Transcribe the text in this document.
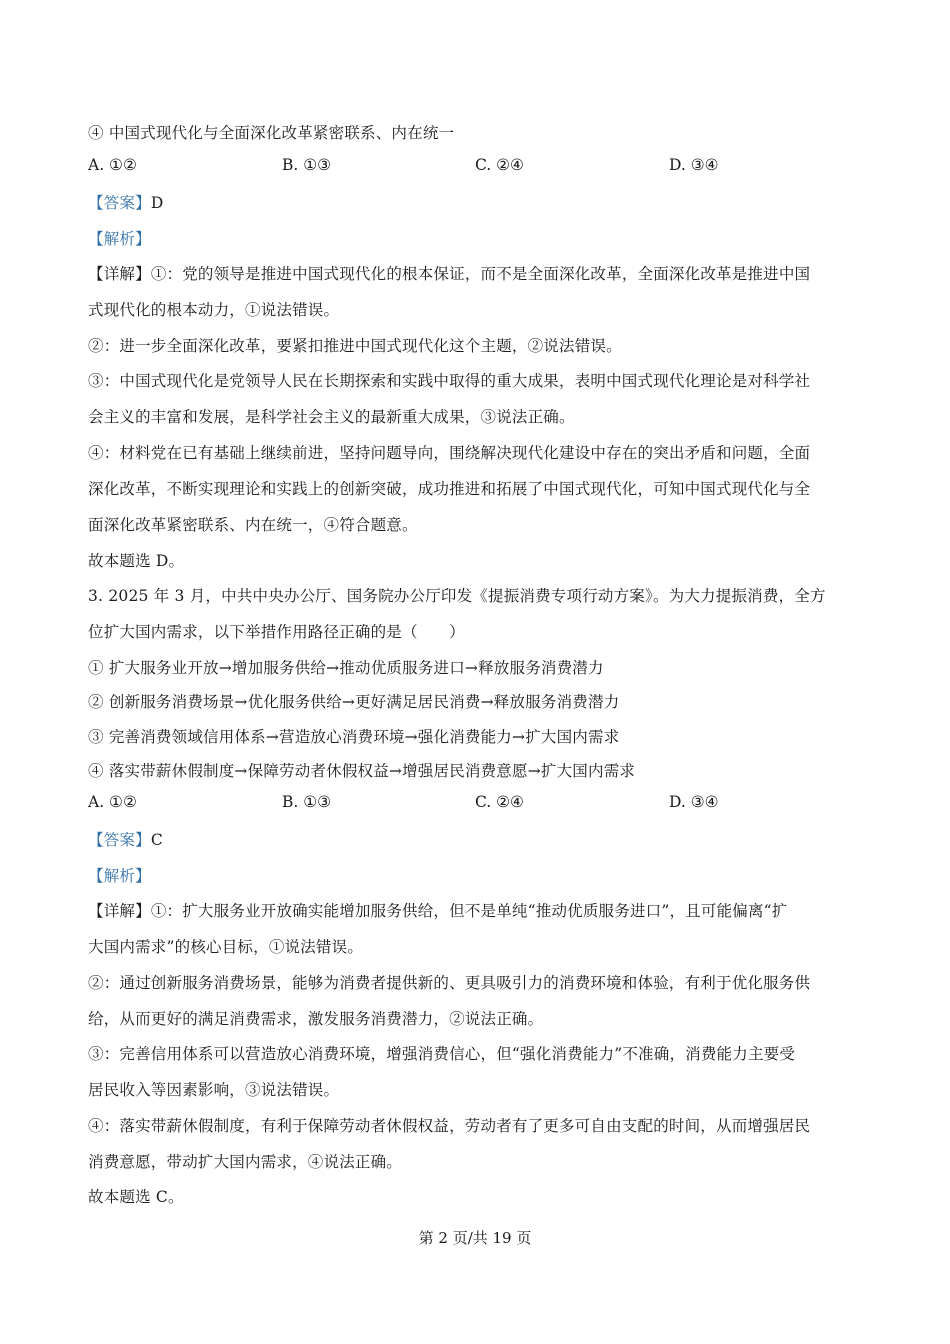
④ 中国式现代化与全面深化改革紧密联系、内在统一
A. ①②	B. ①③	C. ②④	D. ③④
【答案】D
【解析】
【详解】①：党的领导是推进中国式现代化的根本保证，而不是全面深化改革，全面深化改革是推进中国
式现代化的根本动力，①说法错误。
②：进一步全面深化改革，要紧扣推进中国式现代化这个主题，②说法错误。
③：中国式现代化是党领导人民在长期探索和实践中取得的重大成果，表明中国式现代化理论是对科学社
会主义的丰富和发展，是科学社会主义的最新重大成果，③说法正确。
④：材料党在已有基础上继续前进，坚持问题导向，围绕解决现代化建设中存在的突出矛盾和问题，全面
深化改革，不断实现理论和实践上的创新突破，成功推进和拓展了中国式现代化，可知中国式现代化与全
面深化改革紧密联系、内在统一，④符合题意。
故本题选 D。
3. 2025 年 3 月，中共中央办公厅、国务院办公厅印发《提振消费专项行动方案》。为大力提振消费，全方
位扩大国内需求，以下举措作用路径正确的是（　　）
① 扩大服务业开放→增加服务供给→推动优质服务进口→释放服务消费潜力
② 创新服务消费场景→优化服务供给→更好满足居民消费→释放服务消费潜力
③ 完善消费领域信用体系→营造放心消费环境→强化消费能力→扩大国内需求
④ 落实带薪休假制度→保障劳动者休假权益→增强居民消费意愿→扩大国内需求
A. ①②	B. ①③	C. ②④	D. ③④
【答案】C
【解析】
【详解】①：扩大服务业开放确实能增加服务供给，但不是单纯“推动优质服务进口”，且可能偏离“扩
大国内需求”的核心目标，①说法错误。
②：通过创新服务消费场景，能够为消费者提供新的、更具吸引力的消费环境和体验，有利于优化服务供
给，从而更好的满足消费需求，激发服务消费潜力，②说法正确。
③：完善信用体系可以营造放心消费环境，增强消费信心，但“强化消费能力”不准确，消费能力主要受
居民收入等因素影响，③说法错误。
④：落实带薪休假制度，有利于保障劳动者休假权益，劳动者有了更多可自由支配的时间，从而增强居民
消费意愿，带动扩大国内需求，④说法正确。
故本题选 C。
第 2 页/共 19 页
